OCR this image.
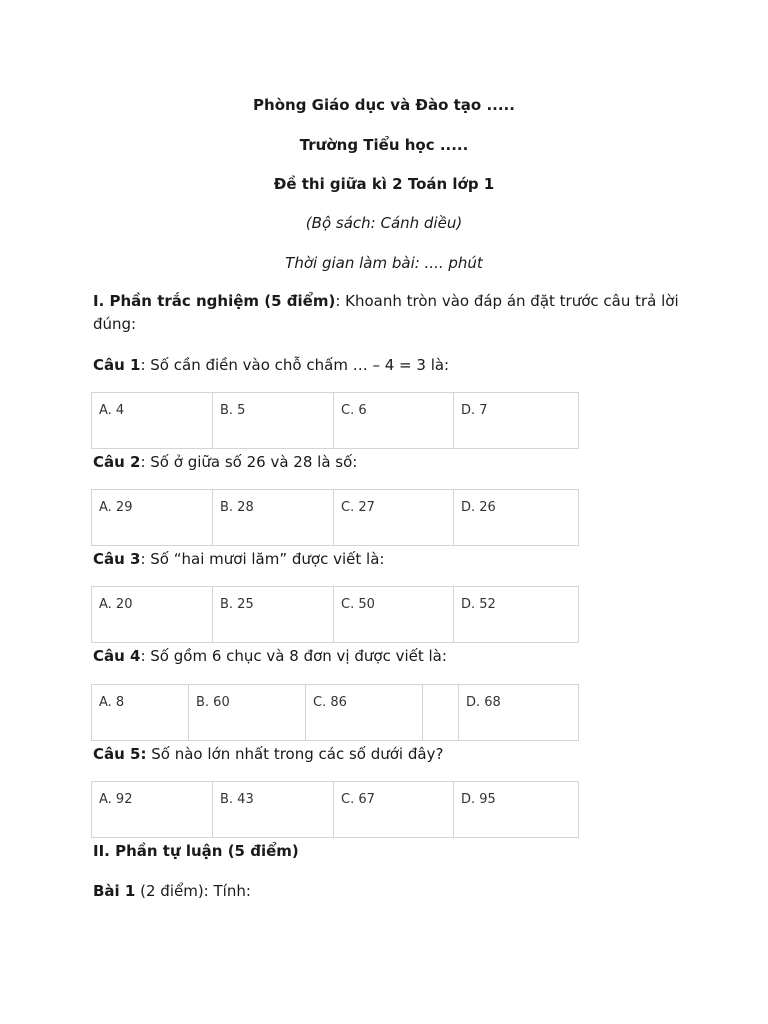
Phòng Giáo dục và Đào tạo .....
Trường Tiểu học .....
Đề thi giữa kì 2 Toán lớp 1
(Bộ sách: Cánh diều)
Thời gian làm bài: .... phút
I. Phần trắc nghiệm (5 điểm): Khoanh tròn vào đáp án đặt trước câu trả lời đúng:
Câu 1: Số cần điền vào chỗ chấm … – 4 = 3 là:
A. 4	B. 5	C. 6	D. 7
Câu 2: Số ở giữa số 26 và 28 là số:
A. 29	B. 28	C. 27	D. 26
Câu 3: Số “hai mươi lăm” được viết là:
A. 20	B. 25	C. 50	D. 52
Câu 4: Số gồm 6 chục và 8 đơn vị được viết là:
A. 8	B. 60	C. 86		D. 68
Câu 5: Số nào lớn nhất trong các số dưới đây?
A. 92	B. 43	C. 67	D. 95
II. Phần tự luận (5 điểm)
Bài 1 (2 điểm): Tính:
